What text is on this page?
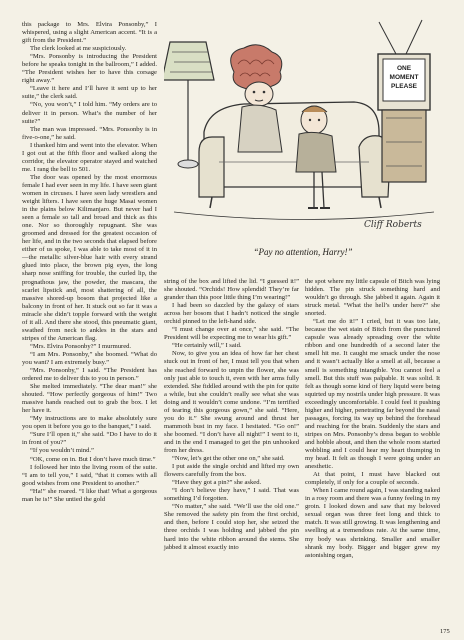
ONE
MOMENT
PLEASE
Cliff Roberts
“Pay no attention, Harry!”

this package to Mrs. Elvira Ponsonby,” I whispered, using a slight American accent. “It is a gift from the President.”

The clerk looked at me suspiciously.

“Mrs. Ponsonby is introducing the President before he speaks tonight in the ballroom,” I added. “The President wishes her to have this corsage right away.”

“Leave it here and I’ll have it sent up to her suite,” the clerk said.

“No, you won’t,” I told him. “My orders are to deliver it in person. What’s the number of her suite?”

The man was impressed. “Mrs. Ponsonby is in five-o-one,” he said.

I thanked him and went into the elevator. When I got out at the fifth floor and walked along the corridor, the elevator operator stayed and watched me. I rang the bell to 501.

The door was opened by the most enormous female I had ever seen in my life. I have seen giant women in circuses. I have seen lady wrestlers and weight lifters. I have seen the huge Masai women in the plains below Kilimanjaro. But never had I seen a female so tall and broad and thick as this one. Nor so thoroughly repugnant. She was groomed and dressed for the greatest occasion of her life, and in the two seconds that elapsed before either of us spoke, I was able to take most of it in—the metallic silver-blue hair with every strand glued into place, the brown pig eyes, the long sharp nose sniffing for trouble, the curled lip, the prognathous jaw, the powder, the mascara, the scarlet lipstick and, most shattering of all, the massive shored-up bosom that projected like a balcony in front of her. It stuck out so far it was a miracle she didn’t topple forward with the weight of it all. And there she stood, this pneumatic giant, swathed from neck to ankles in the stars and stripes of the American flag.

“Mrs. Elvira Ponsonby?” I murmured.

“I am Mrs. Ponsonby,” she boomed. “What do you want? I am extremely busy.”

“Mrs. Ponsonby,” I said. “The President has ordered me to deliver this to you in person.”

She melted immediately. “The dear man!” she shouted. “How perfectly gorgeous of him!” Two massive hands reached out to grab the box. I let her have it.

“My instructions are to make absolutely sure you open it before you go to the banquet,” I said.

“Sure I’ll open it,” she said. “Do I have to do it in front of you?”

“If you wouldn’t mind.”

“OK, come on in. But I don’t have much time.”

I followed her into the living room of the suite. “I am to tell you,” I said, “that it comes with all good wishes from one President to another.”

“Ha!” she roared. “I like that! What a gorgeous man he is!” She untied the gold

string of the box and lifted the lid. “I guessed it!” she shouted. “Orchids! How splendid! They’re far grander than this poor little thing I’m wearing!”

I had been so dazzled by the galaxy of stars across her bosom that I hadn’t noticed the single orchid pinned to the left-hand side.

“I must change over at once,” she said. “The President will be expecting me to wear his gift.”

“He certainly will,” I said.

Now, to give you an idea of how far her chest stuck out in front of her, I must tell you that when she reached forward to unpin the flower, she was only just able to touch it, even with her arms fully extended. She fiddled around with the pin for quite a while, but she couldn’t really see what she was doing and it wouldn’t come undone. “I’m terrified of tearing this gorgeous gown,” she said. “Here, you do it.” She swung around and thrust her mammoth bust in my face. I hesitated. “Go on!” she boomed. “I don’t have all night!” I went to it, and in the end I managed to get the pin unhooked from her dress.

“Now, let’s get the other one on,” she said.

I put aside the single orchid and lifted my own flowers carefully from the box.

“Have they got a pin?” she asked.

“I don’t believe they have,” I said. That was something I’d forgotten.

“No matter,” she said. “We’ll use the old one.” She removed the safety pin from the first orchid, and then, before I could stop her, she seized the three orchids I was holding and jabbed the pin hard into the white ribbon around the stems. She jabbed it almost exactly into

the spot where my little capsule of Bitch was lying hidden. The pin struck something hard and wouldn’t go through. She jabbed it again. Again it struck metal. “What the hell’s under here?” she snorted.

“Let me do it!” I cried, but it was too late, because the wet stain of Bitch from the punctured capsule was already spreading over the white ribbon and one hundredth of a second later the smell hit me. It caught me smack under the nose and it wasn’t actually like a smell at all, because a smell is something intangible. You cannot feel a smell. But this stuff was palpable. It was solid. It felt as though some kind of fiery liquid were being squirted up my nostrils under high pressure. It was exceedingly uncomfortable. I could feel it pushing higher and higher, penetrating far beyond the nasal passages, forcing its way up behind the forehead and reaching for the brain. Suddenly the stars and stripes on Mrs. Ponsonby’s dress began to wobble and hobble about, and then the whole room started wobbling and I could hear my heart thumping in my head. It felt as though I were going under an anesthetic.

At that point, I must have blacked out completely, if only for a couple of seconds.

When I came round again, I was standing naked in a rosy room and there was a funny feeling in my groin. I looked down and saw that my beloved sexual organ was three feet long and thick to match. It was still growing. It was lengthening and swelling at a tremendous rate. At the same time, my body was shrinking. Smaller and smaller shrank my body. Bigger and bigger grew my astonishing organ,

175
